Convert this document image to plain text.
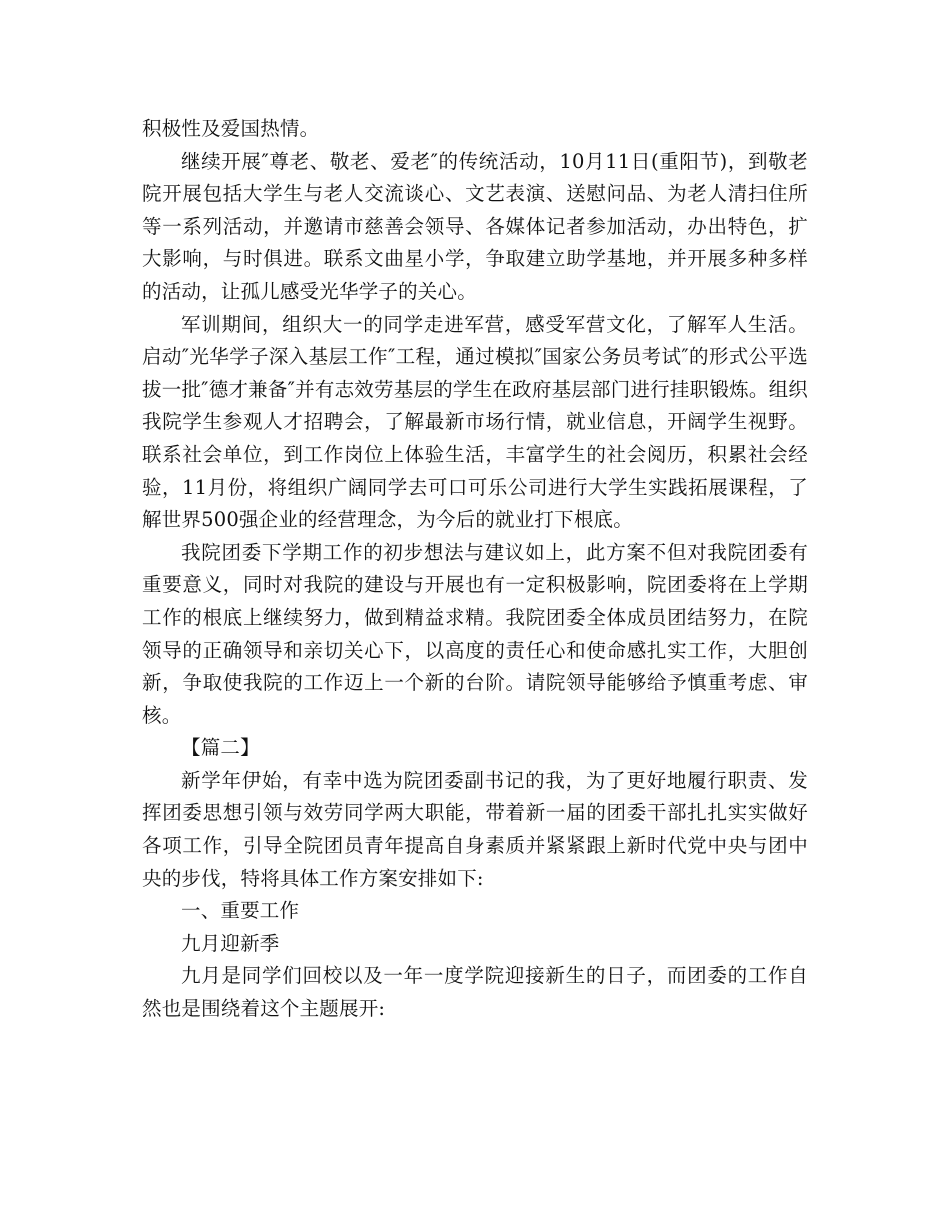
积极性及爱国热情。

继续开展″尊老、敬老、爱老″的传统活动，10月11日(重阳节)，到敬老院开展包括大学生与老人交流谈心、文艺表演、送慰问品、为老人清扫住所等一系列活动，并邀请市慈善会领导、各媒体记者参加活动，办出特色，扩大影响，与时俱进。联系文曲星小学，争取建立助学基地，并开展多种多样的活动，让孤儿感受光华学子的关心。

军训期间，组织大一的同学走进军营，感受军营文化，了解军人生活。启动″光华学子深入基层工作″工程，通过模拟″国家公务员考试″的形式公平选拔一批″德才兼备″并有志效劳基层的学生在政府基层部门进行挂职锻炼。组织我院学生参观人才招聘会，了解最新市场行情，就业信息，开阔学生视野。联系社会单位，到工作岗位上体验生活，丰富学生的社会阅历，积累社会经验，11月份，将组织广阔同学去可口可乐公司进行大学生实践拓展课程，了解世界500强企业的经营理念，为今后的就业打下根底。

我院团委下学期工作的初步想法与建议如上，此方案不但对我院团委有重要意义，同时对我院的建设与开展也有一定积极影响，院团委将在上学期工作的根底上继续努力，做到精益求精。我院团委全体成员团结努力，在院领导的正确领导和亲切关心下，以高度的责任心和使命感扎实工作，大胆创新，争取使我院的工作迈上一个新的台阶。请院领导能够给予慎重考虑、审核。

【篇二】

新学年伊始，有幸中选为院团委副书记的我，为了更好地履行职责、发挥团委思想引领与效劳同学两大职能，带着新一届的团委干部扎扎实实做好各项工作，引导全院团员青年提高自身素质并紧紧跟上新时代党中央与团中央的步伐，特将具体工作方案安排如下:

一、重要工作

九月迎新季

九月是同学们回校以及一年一度学院迎接新生的日子，而团委的工作自然也是围绕着这个主题展开:
